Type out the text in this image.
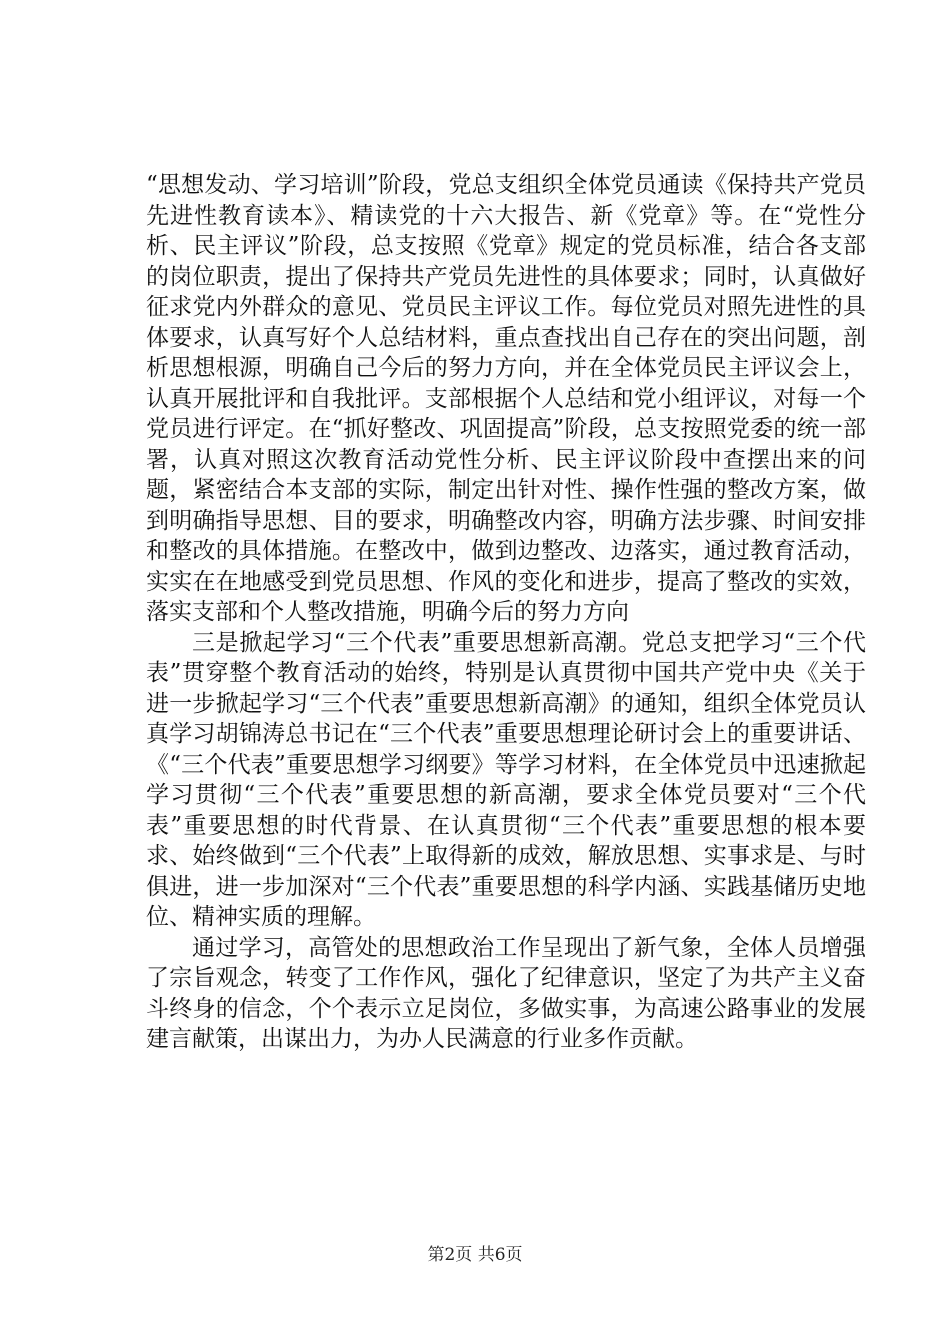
“思想发动、学习培训”阶段，党总支组织全体党员通读《保持共产党员先进性教育读本》、精读党的十六大报告、新《党章》等。在“党性分析、民主评议”阶段，总支按照《党章》规定的党员标准，结合各支部的岗位职责，提出了保持共产党员先进性的具体要求；同时，认真做好征求党内外群众的意见、党员民主评议工作。每位党员对照先进性的具体要求，认真写好个人总结材料，重点查找出自己存在的突出问题，剖析思想根源，明确自己今后的努力方向，并在全体党员民主评议会上，认真开展批评和自我批评。支部根据个人总结和党小组评议，对每一个党员进行评定。在“抓好整改、巩固提高”阶段，总支按照党委的统一部署，认真对照这次教育活动党性分析、民主评议阶段中查摆出来的问题，紧密结合本支部的实际，制定出针对性、操作性强的整改方案，做到明确指导思想、目的要求，明确整改内容，明确方法步骤、时间安排和整改的具体措施。在整改中，做到边整改、边落实，通过教育活动，实实在在地感受到党员思想、作风的变化和进步，提高了整改的实效，落实支部和个人整改措施，明确今后的努力方向

三是掀起学习“三个代表”重要思想新高潮。党总支把学习“三个代表”贯穿整个教育活动的始终，特别是认真贯彻中国共产党中央《关于进一步掀起学习“三个代表”重要思想新高潮》的通知，组织全体党员认真学习胡锦涛总书记在“三个代表”重要思想理论研讨会上的重要讲话、《“三个代表”重要思想学习纲要》等学习材料，在全体党员中迅速掀起学习贯彻“三个代表”重要思想的新高潮，要求全体党员要对“三个代表”重要思想的时代背景、在认真贯彻“三个代表”重要思想的根本要求、始终做到“三个代表”上取得新的成效，解放思想、实事求是、与时俱进，进一步加深对“三个代表”重要思想的科学内涵、实践基储历史地位、精神实质的理解。

通过学习，高管处的思想政治工作呈现出了新气象，全体人员增强了宗旨观念，转变了工作作风，强化了纪律意识，坚定了为共产主义奋斗终身的信念，个个表示立足岗位，多做实事，为高速公路事业的发展建言献策，出谋出力，为办人民满意的行业多作贡献。

第2页 共6页
